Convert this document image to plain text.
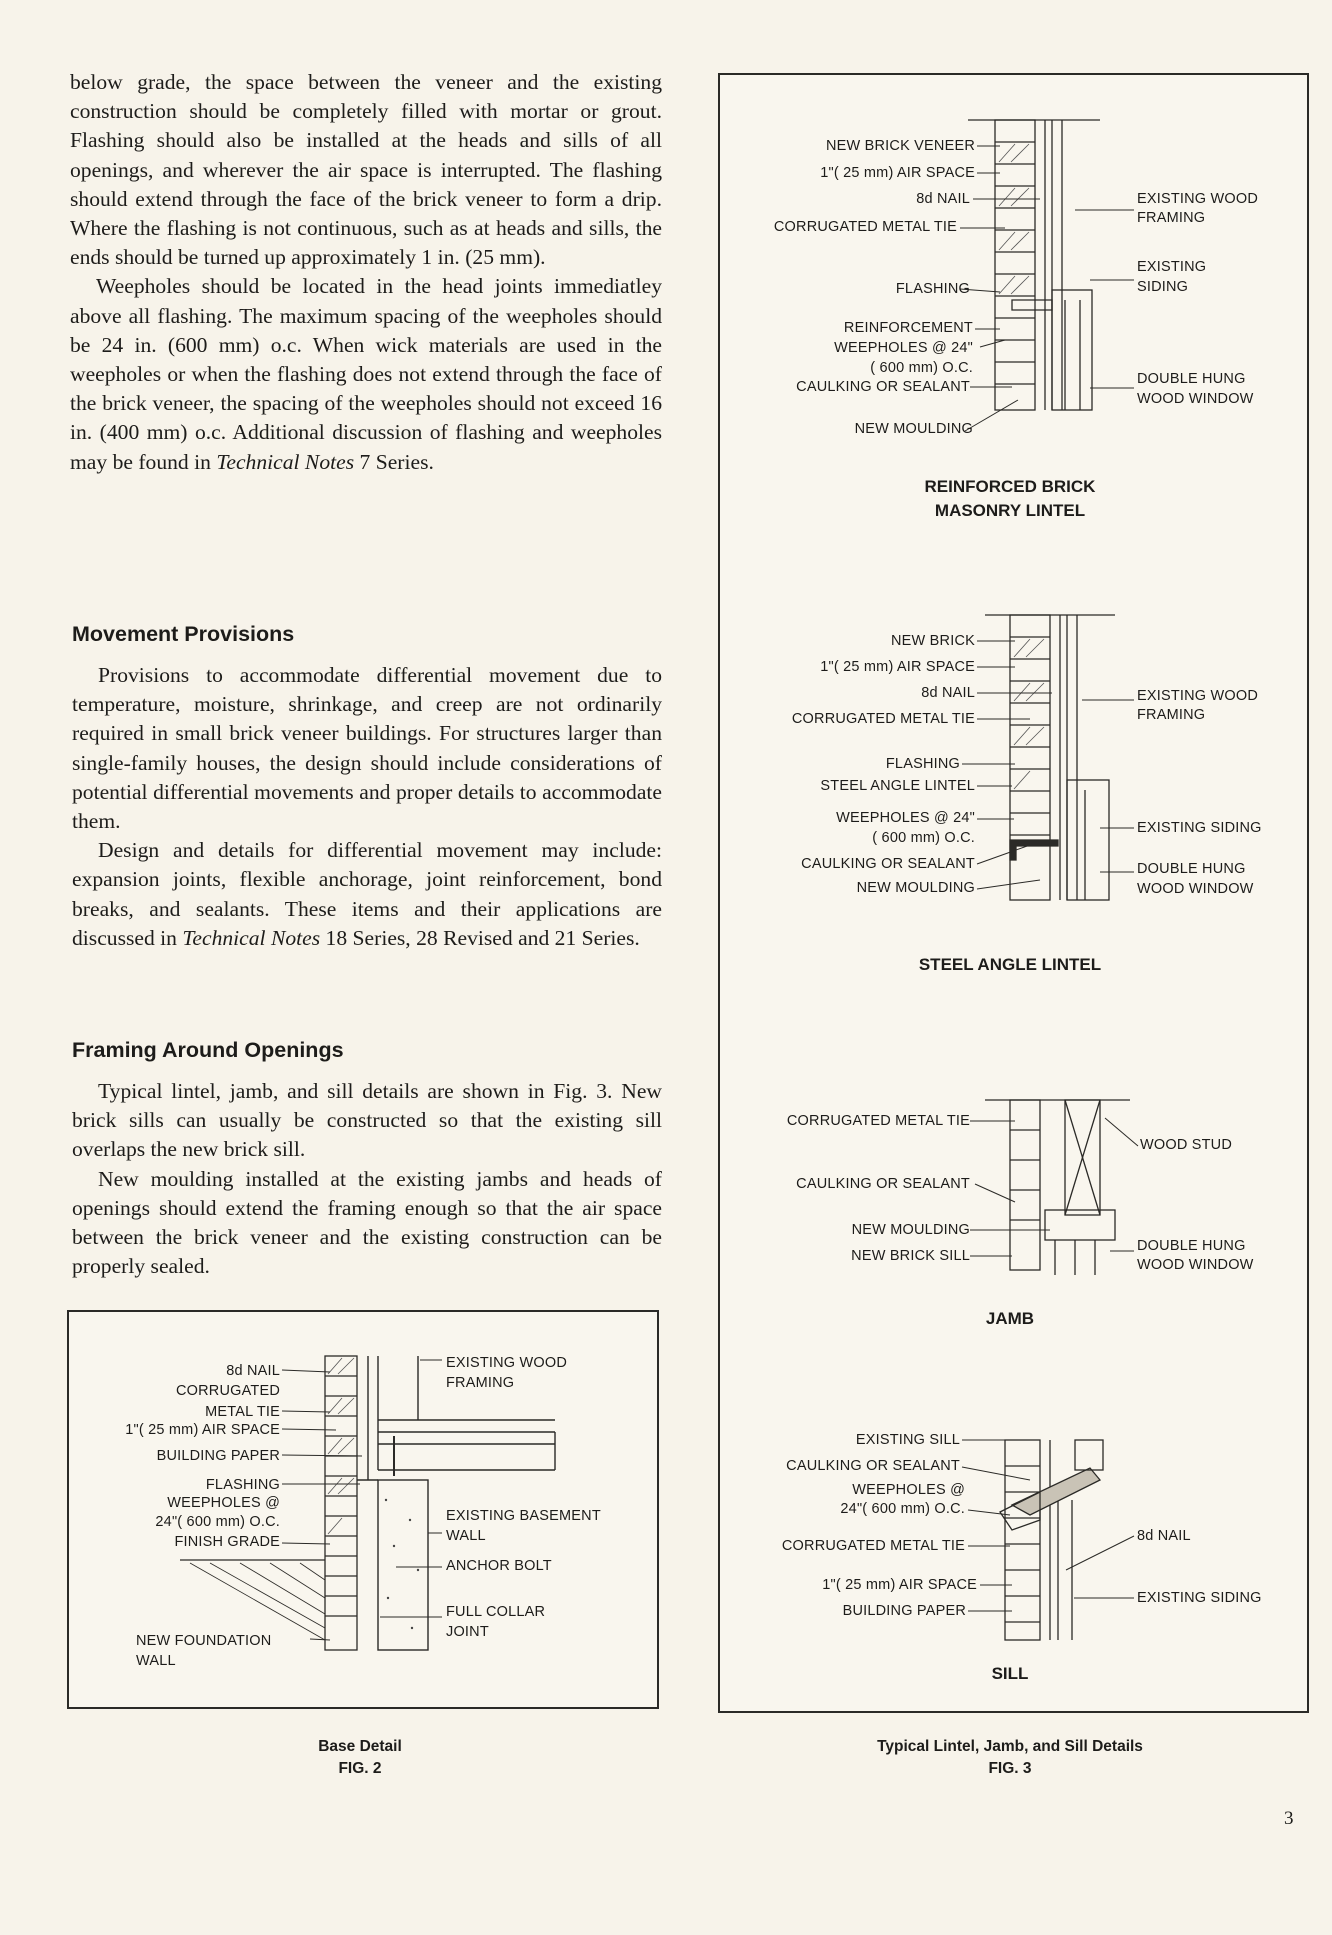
below grade, the space between the veneer and the existing construction should be completely filled with mortar or grout. Flashing should also be installed at the heads and sills of all openings, and wherever the air space is interrupted. The flashing should extend through the face of the brick veneer to form a drip. Where the flashing is not continuous, such as at heads and sills, the ends should be turned up approximately 1 in. (25 mm).

Weepholes should be located in the head joints immediatley above all flashing. The maximum spacing of the weepholes should be 24 in. (600 mm) o.c. When wick materials are used in the weepholes or when the flashing does not extend through the face of the brick veneer, the spacing of the weepholes should not exceed 16 in. (400 mm) o.c. Additional discussion of flashing and weepholes may be found in Technical Notes 7 Series.

Movement Provisions

Provisions to accommodate differential movement due to temperature, moisture, shrinkage, and creep are not ordinarily required in small brick veneer buildings. For structures larger than single-family houses, the design should include considerations of potential differential movements and proper details to accommodate them.

Design and details for differential movement may include: expansion joints, flexible anchorage, joint reinforcement, bond breaks, and sealants. These items and their applications are discussed in Technical Notes 18 Series, 28 Revised and 21 Series.

Framing Around Openings

Typical lintel, jamb, and sill details are shown in Fig. 3. New brick sills can usually be constructed so that the existing sill overlaps the new brick sill.

New moulding installed at the existing jambs and heads of openings should extend the framing enough so that the air space between the brick veneer and the existing construction can be properly sealed.

8d NAIL
CORRUGATED
METAL TIE
1"( 25 mm) AIR SPACE
BUILDING PAPER
FLASHING
WEEPHOLES @
24"( 600 mm) O.C.
FINISH GRADE
NEW FOUNDATION
WALL
EXISTING WOOD
FRAMING
EXISTING BASEMENT
WALL
ANCHOR BOLT
FULL COLLAR
JOINT
Base Detail
FIG. 2
NEW BRICK VENEER
1"( 25 mm) AIR SPACE
8d NAIL
CORRUGATED METAL TIE
FLASHING
REINFORCEMENT
WEEPHOLES @ 24"
( 600 mm) O.C.
CAULKING OR SEALANT
NEW MOULDING
EXISTING WOOD
FRAMING
EXISTING
SIDING
DOUBLE HUNG
WOOD WINDOW
REINFORCED BRICK
MASONRY LINTEL
NEW BRICK
1"( 25 mm) AIR SPACE
8d NAIL
CORRUGATED METAL TIE
FLASHING
STEEL ANGLE LINTEL
WEEPHOLES @ 24"
( 600 mm) O.C.
CAULKING OR SEALANT
NEW MOULDING
EXISTING WOOD
FRAMING
EXISTING SIDING
DOUBLE HUNG
WOOD WINDOW
STEEL ANGLE LINTEL
CORRUGATED METAL TIE
CAULKING OR SEALANT
NEW MOULDING
NEW BRICK SILL
WOOD STUD
DOUBLE HUNG
WOOD WINDOW
JAMB
EXISTING SILL
CAULKING OR SEALANT
WEEPHOLES @
24"( 600 mm) O.C.
CORRUGATED METAL TIE
1"( 25 mm) AIR SPACE
BUILDING PAPER
8d NAIL
EXISTING SIDING
SILL
Typical Lintel, Jamb, and Sill Details
FIG. 3
3
